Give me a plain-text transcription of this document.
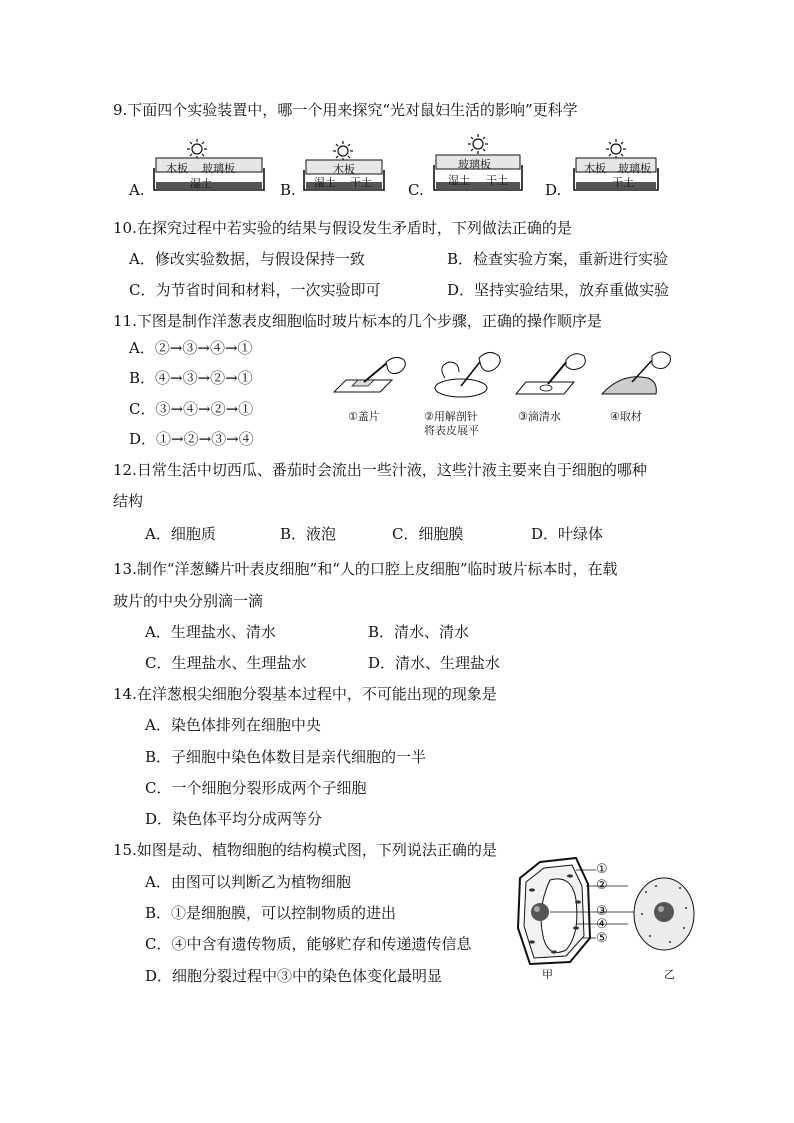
9.下面四个实验装置中，哪一个用来探究“光对鼠妇生活的影响”更科学
A.
木板 玻璃板
湿土	B.
木板
湿土 干土 C.
玻璃板
湿土 干土
D.
木板 玻璃板
干土
10.在探究过程中若实验的结果与假设发生矛盾时，下列做法正确的是
A．修改实验数据，与假设保持一致	B．检查实验方案，重新进行实验
C．为节省时间和材料，一次实验即可	D．坚持实验结果，放弃重做实验
11.下图是制作洋葱表皮细胞临时玻片标本的几个步骤，正确的操作顺序是
A．②→③→④→①
B．④→③→②→①
C．③→④→②→①
D．①→②→③→④
①盖片	②用解剖针
将表皮展平
③滴清水	④取材
12.日常生活中切西瓜、番茄时会流出一些汁液，这些汁液主要来自于细胞的哪种
结构
A．细胞质	B．液泡	C．细胞膜	D．叶绿体
13.制作“洋葱鳞片叶表皮细胞”和“人的口腔上皮细胞”临时玻片标本时，在载
玻片的中央分别滴一滴
A．生理盐水、清水	B．清水、清水
C．生理盐水、生理盐水	D．清水、生理盐水
14.在洋葱根尖细胞分裂基本过程中，不可能出现的现象是
A．染色体排列在细胞中央
B．子细胞中染色体数目是亲代细胞的一半
C．一个细胞分裂形成两个子细胞
D．染色体平均分成两等分
15.如图是动、植物细胞的结构模式图，下列说法正确的是
A．由图可以判断乙为植物细胞
B．①是细胞膜，可以控制物质的进出
C．④中含有遗传物质，能够贮存和传递遗传信息
D．细胞分裂过程中③中的染色体变化最明显
①
②
③
④
⑤
甲	乙
